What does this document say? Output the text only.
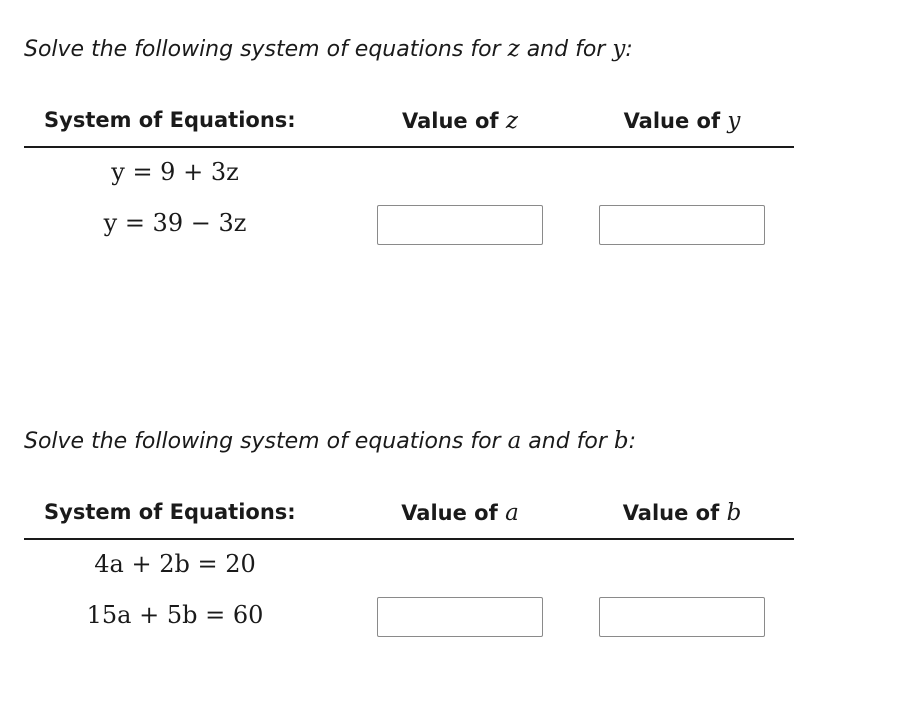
Solve the following system of equations for z and for y:
System of Equations:	Value of z	Value of y
y = 9 + 3z
y = 39 − 3z
Solve the following system of equations for a and for b:
System of Equations:	Value of a	Value of b
4a + 2b = 20
15a + 5b = 60
